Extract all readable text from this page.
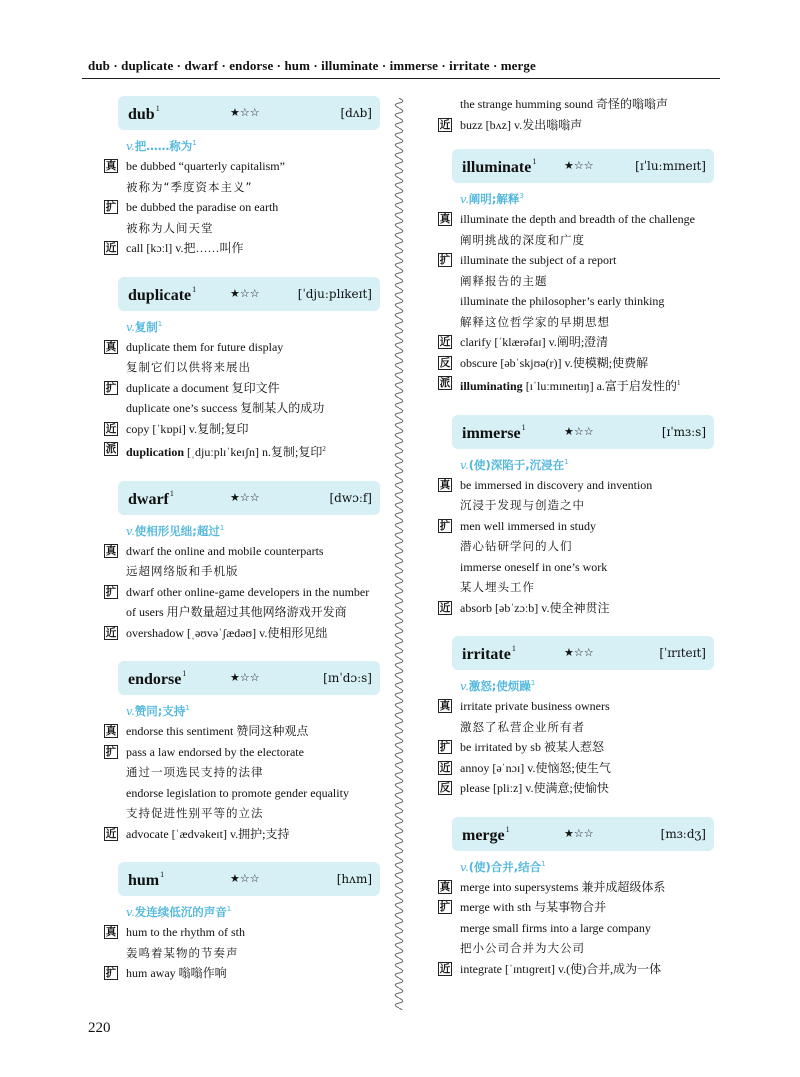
dub · duplicate · dwarf · endorse · hum · illuminate · immerse · irritate · merge
dub$^1$	★☆☆	[dʌb]
v.把……称为$^1$
真 be dubbed “quarterly capitalism”
被称为“季度资本主义”
扩 be dubbed the paradise on earth
被称为人间天堂
近 call [kɔːl] v.把……叫作
duplicate$^1$	★☆☆	[ˈdjuːplɪkeɪt]
v.复制$^1$
真 duplicate them for future display
复制它们以供将来展出
扩 duplicate a document 复印文件
duplicate one’s success 复制某人的成功
近 copy [ˈkɒpi] v.复制;复印
派 duplication [ˌdjuːplɪˈkeɪʃn] n.复制;复印$^2$
dwarf$^1$	★☆☆	[dwɔːf]
v.使相形见绌;超过$^1$
真 dwarf the online and mobile counterparts
远超网络版和手机版
扩 dwarf other online-game developers in the number
of users 用户数量超过其他网络游戏开发商
近 overshadow [ˌəʊvəˈʃædəʊ] v.使相形见绌
endorse$^1$	★☆☆	[ɪnˈdɔːs]
v.赞同;支持$^1$
真 endorse this sentiment 赞同这种观点
扩 pass a law endorsed by the electorate
通过一项选民支持的法律
endorse legislation to promote gender equality
支持促进性别平等的立法
近 advocate [ˈædvəkeɪt] v.拥护;支持
hum$^1$	★☆☆	[hʌm]
v.发连续低沉的声音$^1$
真 hum to the rhythm of sth
轰鸣着某物的节奏声
扩 hum away 嗡嗡作响
the strange humming sound 奇怪的嗡嗡声
近 buzz [bʌz] v.发出嗡嗡声
illuminate$^1$	★☆☆	[ɪˈluːmɪneɪt]
v.阐明;解释$^3$
真 illuminate the depth and breadth of the challenge
阐明挑战的深度和广度
扩 illuminate the subject of a report
阐释报告的主题
illuminate the philosopher’s early thinking
解释这位哲学家的早期思想
近 clarify [ˈklærəfaɪ] v.阐明;澄清
反 obscure [əbˈskjʊə(r)] v.使模糊;使费解
派 illuminating [ɪˈluːmɪneɪtɪŋ] a.富于启发性的$^1$
immerse$^1$	★☆☆	[ɪˈmɜːs]
v.(使)深陷于,沉浸在$^1$
真 be immersed in discovery and invention
沉浸于发现与创造之中
扩 men well immersed in study
潜心钻研学问的人们
immerse oneself in one’s work
某人埋头工作
近 absorb [əbˈzɔːb] v.使全神贯注
irritate$^1$	★☆☆	[ˈɪrɪteɪt]
v.激怒;使烦躁$^1$
真 irritate private business owners
激怒了私营企业所有者
扩 be irritated by sb 被某人惹怒
近 annoy [əˈnɔɪ] v.使恼怒;使生气
反 please [pliːz] v.使满意;使愉快
merge$^1$	★☆☆	[mɜːdʒ]
v.(使)合并,结合$^1$
真 merge into supersystems 兼并成超级体系
扩 merge with sth 与某事物合并
merge small firms into a large company
把小公司合并为大公司
近 integrate [ˈɪntɪɡreɪt] v.(使)合并,成为一体
220
